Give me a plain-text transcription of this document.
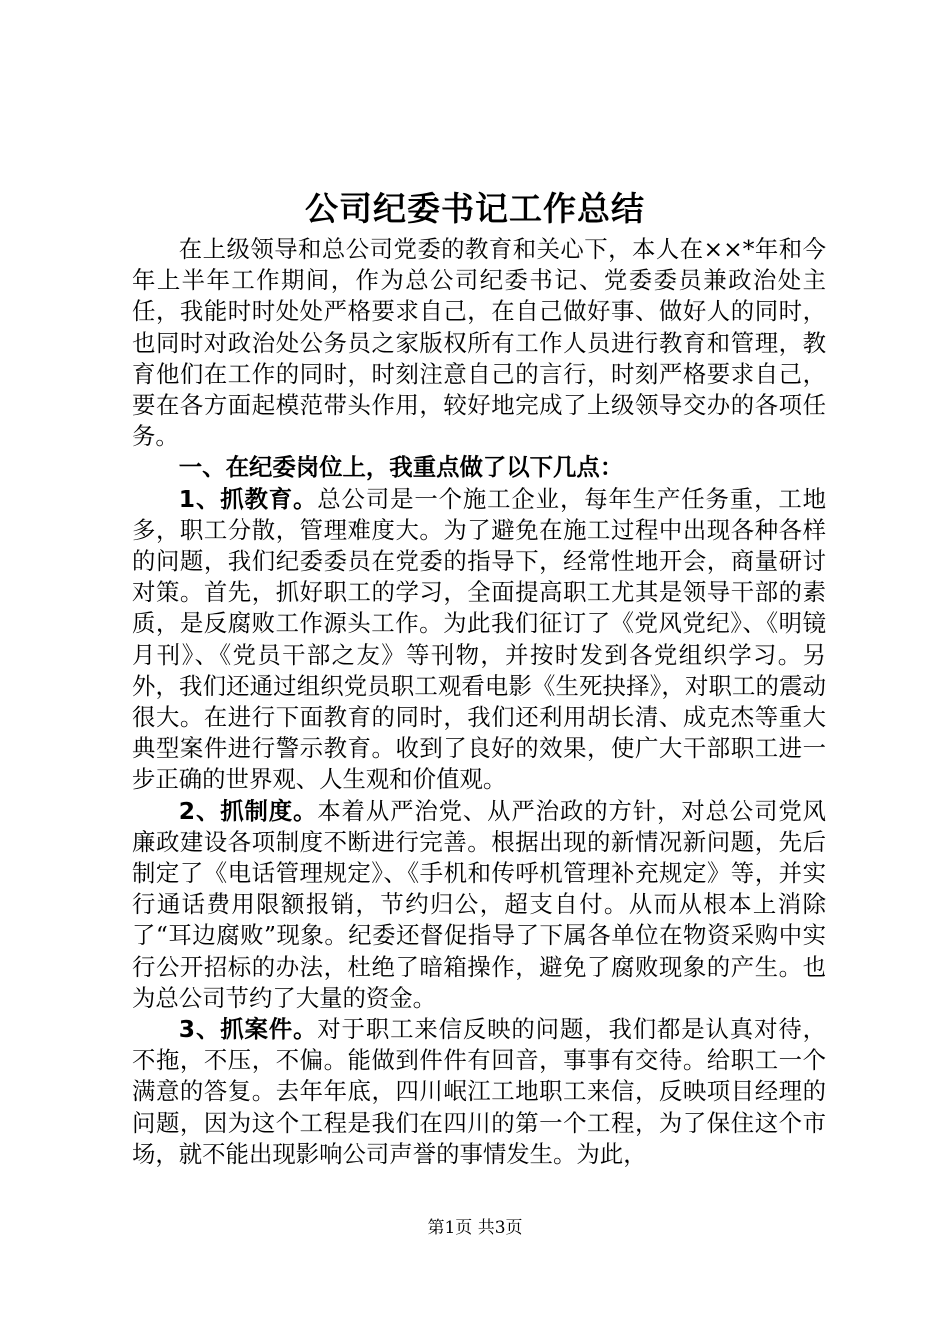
公司纪委书记工作总结

在上级领导和总公司党委的教育和关心下，本人在××*年和今年上半年工作期间，作为总公司纪委书记、党委委员兼政治处主任，我能时时处处严格要求自己，在自己做好事、做好人的同时，也同时对政治处公务员之家版权所有工作人员进行教育和管理，教育他们在工作的同时，时刻注意自己的言行，时刻严格要求自己，要在各方面起模范带头作用，较好地完成了上级领导交办的各项任务。

一、在纪委岗位上，我重点做了以下几点：

1、抓教育。总公司是一个施工企业，每年生产任务重，工地多，职工分散，管理难度大。为了避免在施工过程中出现各种各样的问题，我们纪委委员在党委的指导下，经常性地开会，商量研讨对策。首先，抓好职工的学习，全面提高职工尤其是领导干部的素质，是反腐败工作源头工作。为此我们征订了《党风党纪》、《明镜月刊》、《党员干部之友》等刊物，并按时发到各党组织学习。另外，我们还通过组织党员职工观看电影《生死抉择》，对职工的震动很大。在进行下面教育的同时，我们还利用胡长清、成克杰等重大典型案件进行警示教育。收到了良好的效果，使广大干部职工进一步正确的世界观、人生观和价值观。

2、抓制度。本着从严治党、从严治政的方针，对总公司党风廉政建设各项制度不断进行完善。根据出现的新情况新问题，先后制定了《电话管理规定》、《手机和传呼机管理补充规定》等，并实行通话费用限额报销，节约归公，超支自付。从而从根本上消除了“耳边腐败”现象。纪委还督促指导了下属各单位在物资采购中实行公开招标的办法，杜绝了暗箱操作，避免了腐败现象的产生。也为总公司节约了大量的资金。

3、抓案件。对于职工来信反映的问题，我们都是认真对待，不拖，不压，不偏。能做到件件有回音，事事有交待。给职工一个满意的答复。去年年底，四川岷江工地职工来信，反映项目经理的问题，因为这个工程是我们在四川的第一个工程，为了保住这个市场，就不能出现影响公司声誉的事情发生。为此，

第1页 共3页
